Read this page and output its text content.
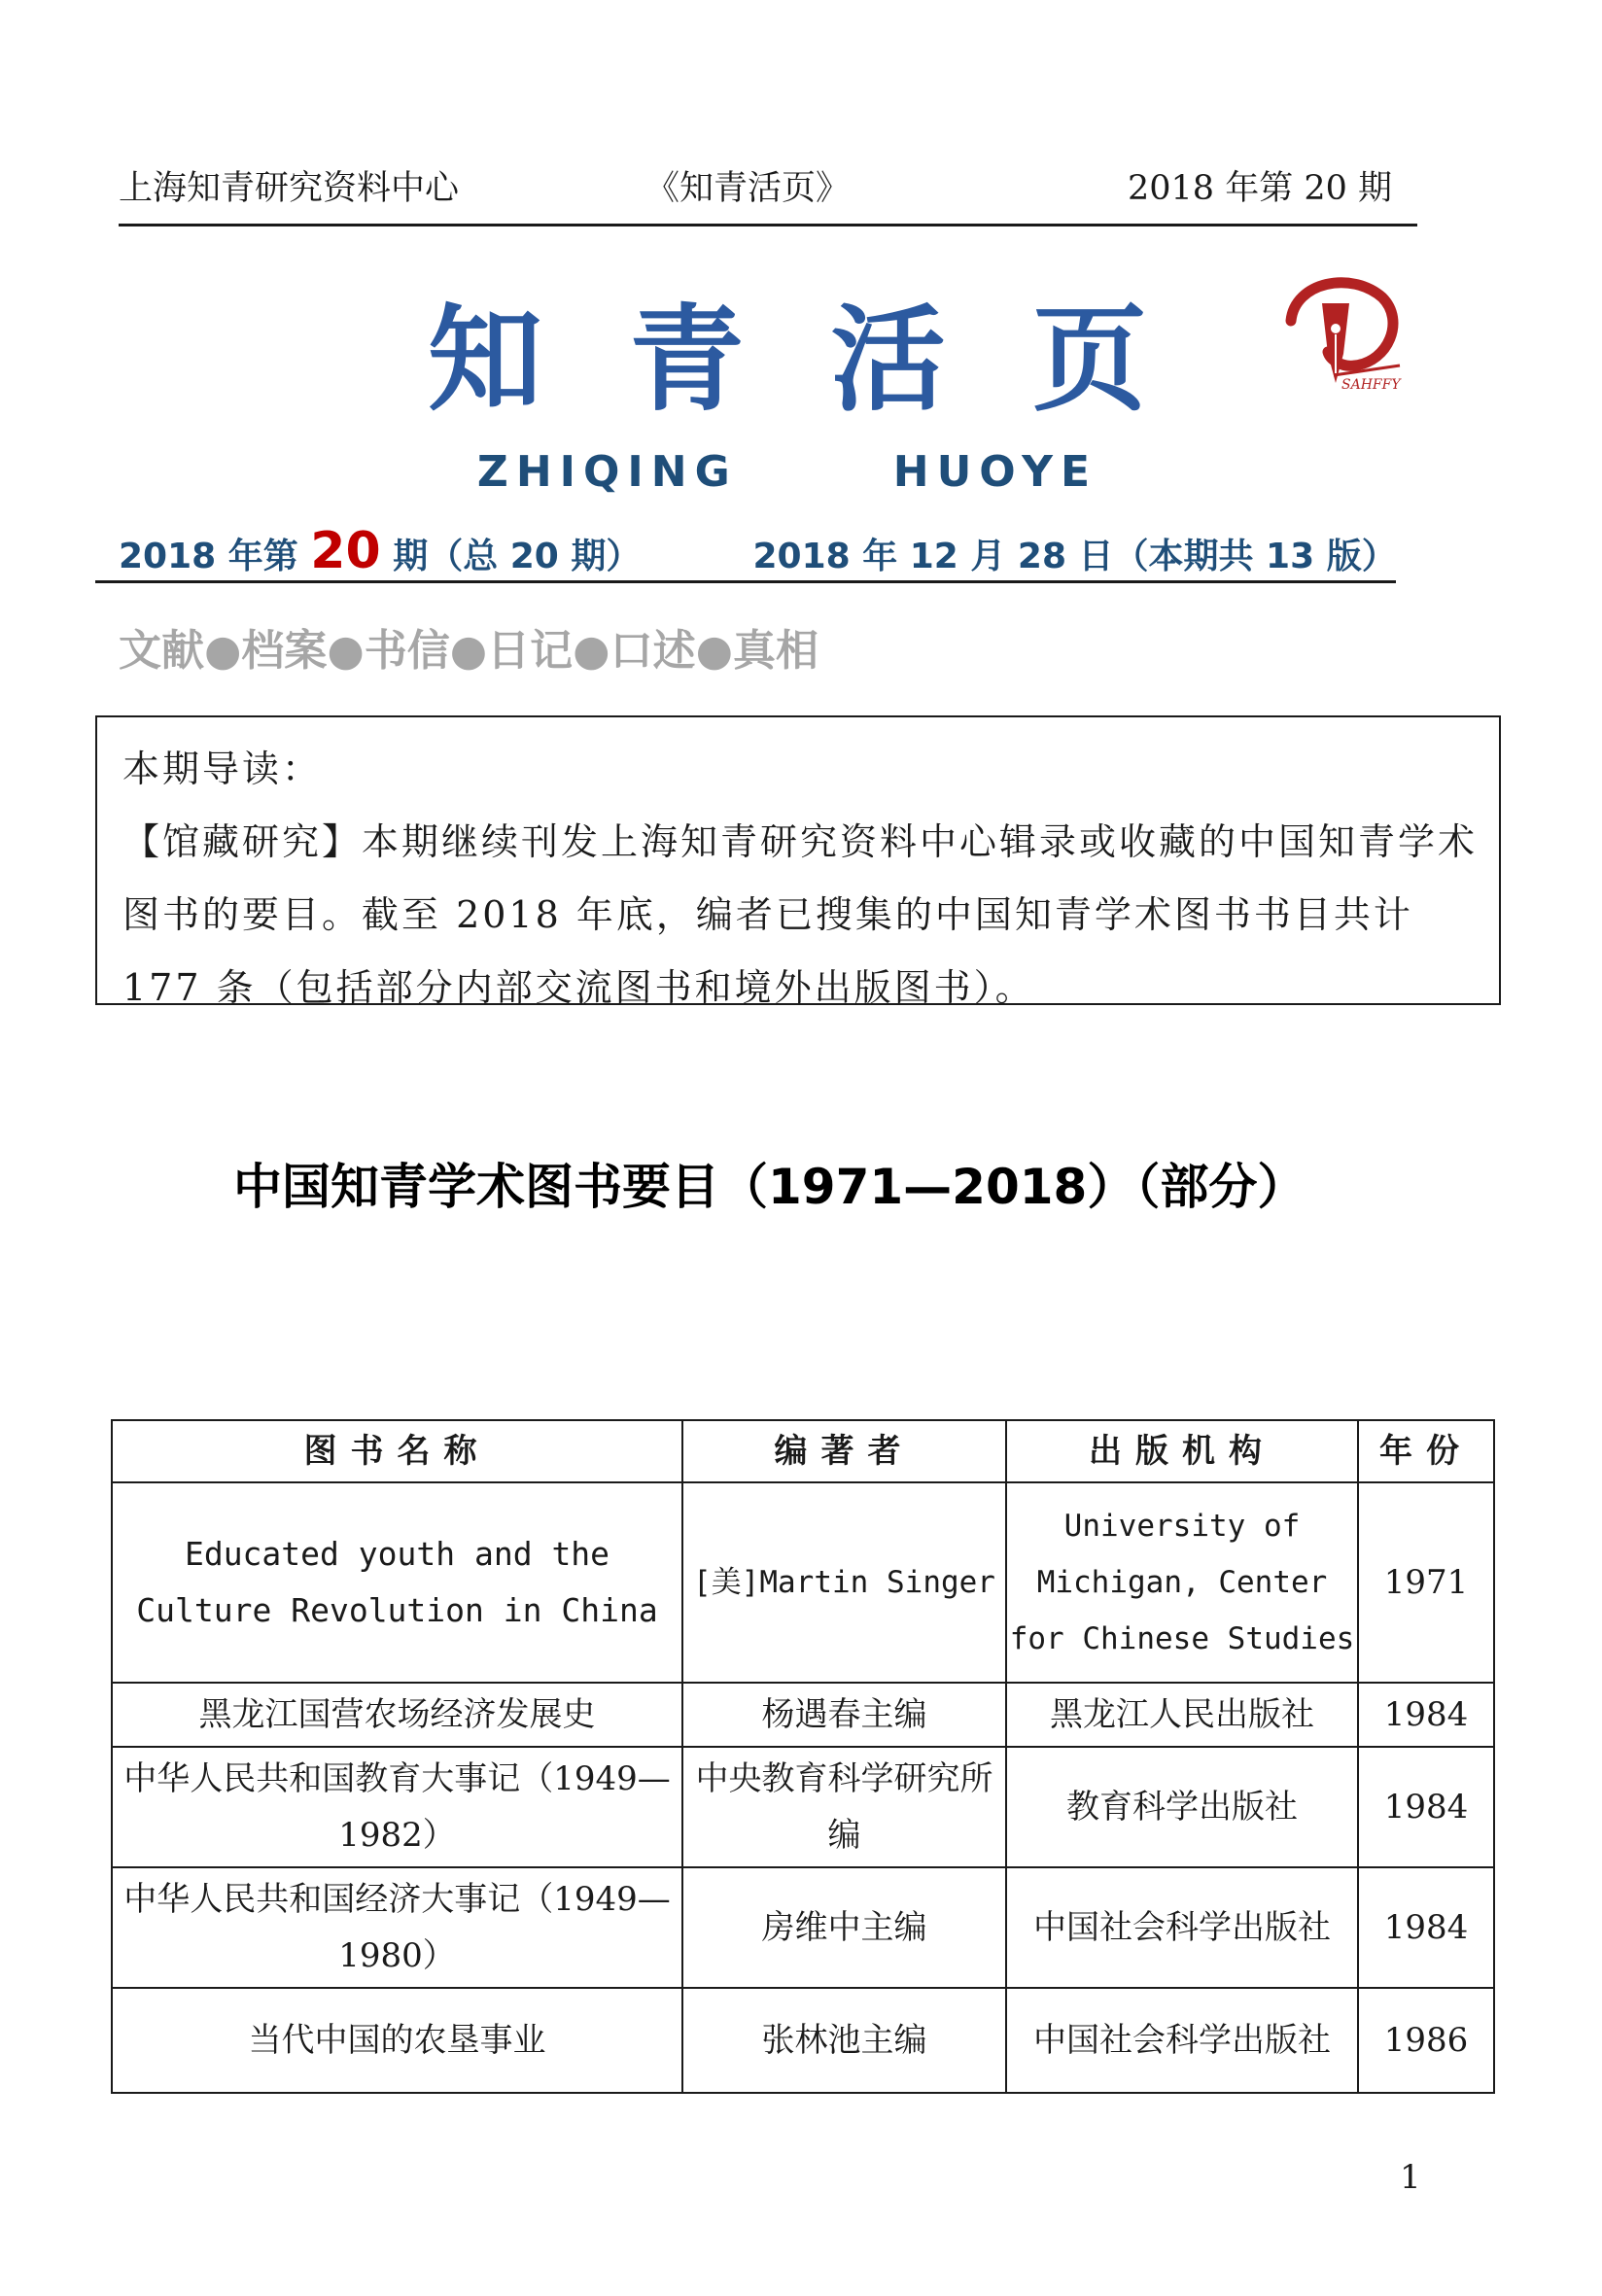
上海知青研究资料中心	《知青活页》	2018 年第 20 期
知 青 活 页	SAHFFY
ZHIQING	HUOYE
2018 年第 20 期（总 20 期）	2018 年 12 月 28 日（本期共 13 版）
文献●档案●书信●日记●口述●真相

本期导读：

【馆藏研究】本期继续刊发上海知青研究资料中心辑录或收藏的中国知青学术图书的要目。截至 2018 年底，编者已搜集的中国知青学术图书书目共计 177 条（包括部分内部交流图书和境外出版图书）。

中国知青学术图书要目（1971—2018）（部分）
图书名称	编著者	出版机构	年份
Educated youth and the Culture Revolution in China	[美]Martin Singer	University of Michigan, Center for Chinese Studies	1971
黑龙江国营农场经济发展史	杨遇春主编	黑龙江人民出版社	1984
中华人民共和国教育大事记（1949—1982）	中央教育科学研究所编	教育科学出版社	1984
中华人民共和国经济大事记（1949—1980）	房维中主编	中国社会科学出版社	1984
当代中国的农垦事业	张林池主编	中国社会科学出版社	1986
1
